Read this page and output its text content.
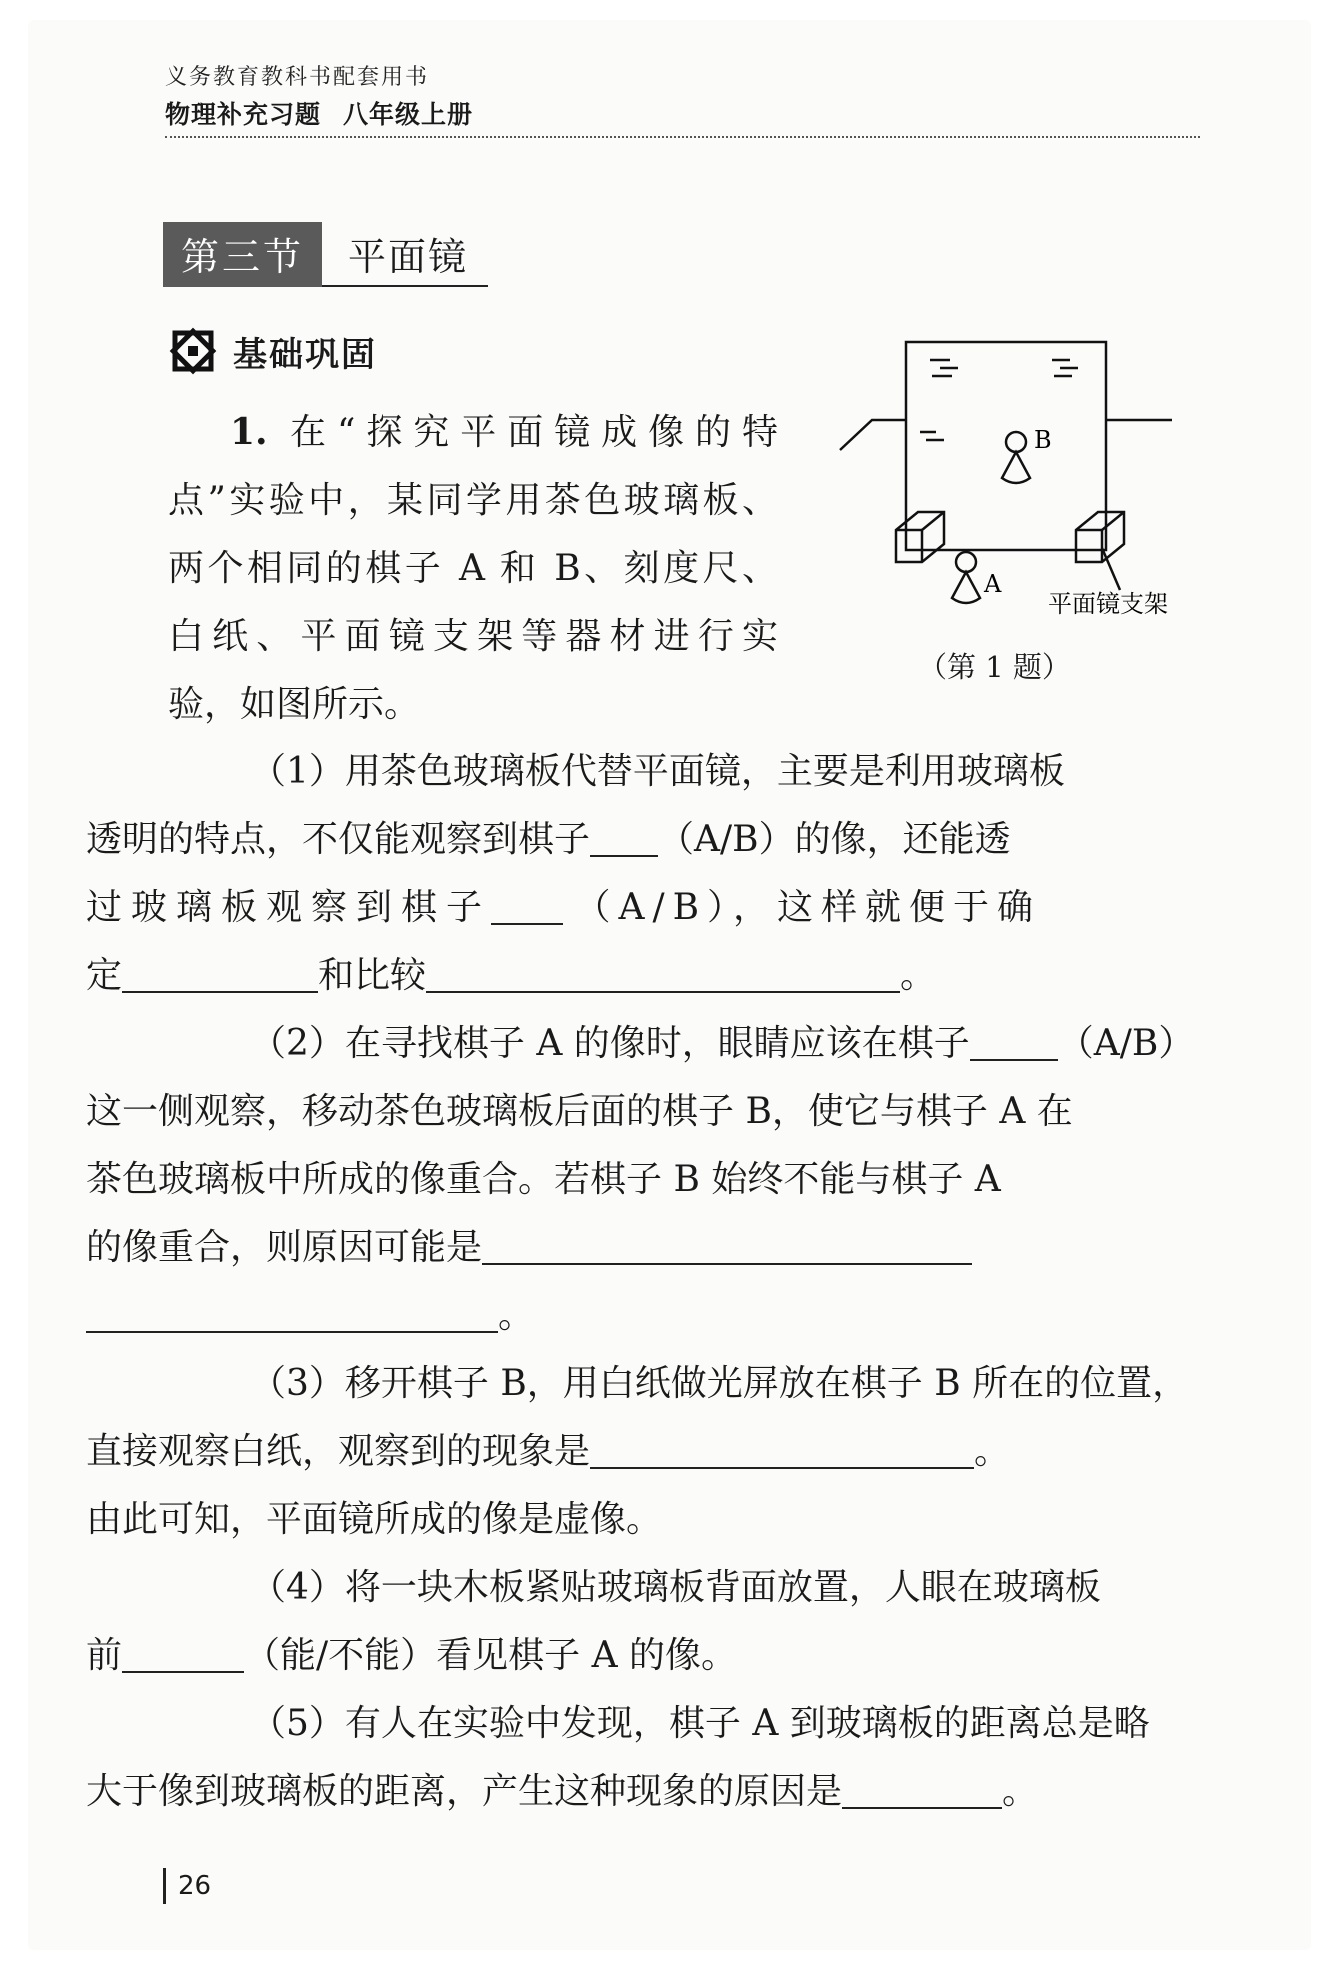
义务教育教科书配套用书
物理补充习题 八年级上册
第三节	平面镜
基础巩固
1. 在“探究平面镜成像的特
点”实验中，某同学用茶色玻璃板、
两个相同的棋子 A 和 B、刻度尺、
白纸、平面镜支架等器材进行实
验，如图所示。
B
A
平面镜支架
（第 1 题）
（1）用茶色玻璃板代替平面镜，主要是利用玻璃板
透明的特点，不仅能观察到棋子 （A/B）的像，还能透
过玻璃板观察到棋子 （A/B），这样就便于确
定	和比较	。
（2）在寻找棋子 A 的像时，眼睛应该在棋子 （A/B）
这一侧观察，移动茶色玻璃板后面的棋子 B，使它与棋子 A 在
茶色玻璃板中所成的像重合。若棋子 B 始终不能与棋子 A
的像重合，则原因可能是
。
（3）移开棋子 B，用白纸做光屏放在棋子 B 所在的位置，
直接观察白纸，观察到的现象是	。
由此可知，平面镜所成的像是虚像。
（4）将一块木板紧贴玻璃板背面放置，人眼在玻璃板
前	（能/不能）看见棋子 A 的像。
（5）有人在实验中发现，棋子 A 到玻璃板的距离总是略
大于像到玻璃板的距离，产生这种现象的原因是	。
26
